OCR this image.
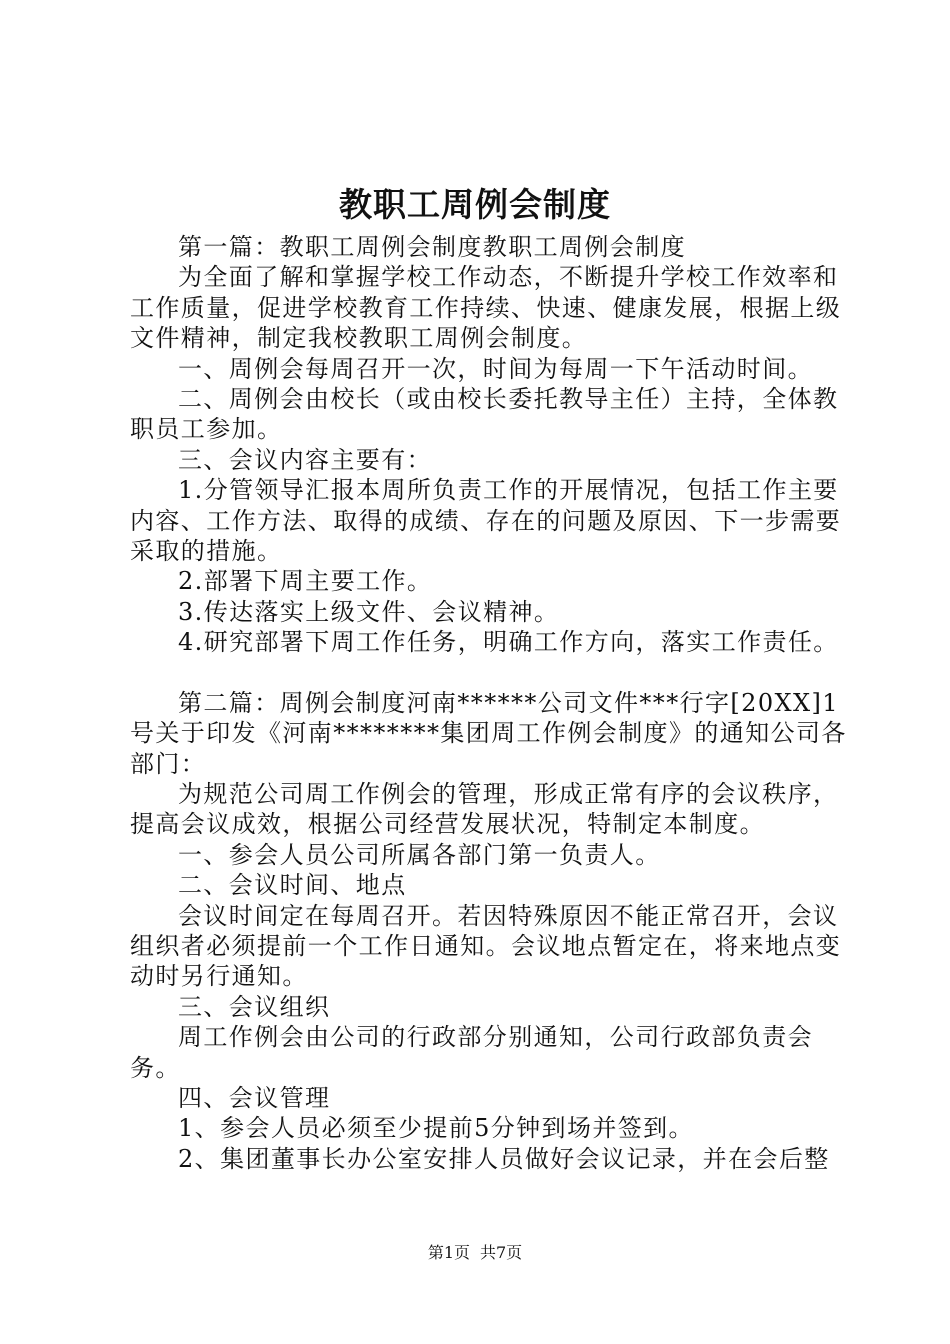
教职工周例会制度

第一篇：教职工周例会制度教职工周例会制度

为全面了解和掌握学校工作动态，不断提升学校工作效率和工作质量，促进学校教育工作持续、快速、健康发展，根据上级文件精神，制定我校教职工周例会制度。

一、周例会每周召开一次，时间为每周一下午活动时间。

二、周例会由校长（或由校长委托教导主任）主持，全体教职员工参加。

三、会议内容主要有：

1.分管领导汇报本周所负责工作的开展情况，包括工作主要内容、工作方法、取得的成绩、存在的问题及原因、下一步需要采取的措施。

2.部署下周主要工作。

3.传达落实上级文件、会议精神。

4.研究部署下周工作任务，明确工作方向，落实工作责任。

第二篇：周例会制度河南******公司文件***行字[20XX]1号关于印发《河南********集团周工作例会制度》的通知公司各部门：

为规范公司周工作例会的管理，形成正常有序的会议秩序，提高会议成效，根据公司经营发展状况，特制定本制度。

一、参会人员公司所属各部门第一负责人。

二、会议时间、地点

会议时间定在每周召开。若因特殊原因不能正常召开，会议组织者必须提前一个工作日通知。会议地点暂定在，将来地点变动时另行通知。

三、会议组织

周工作例会由公司的行政部分别通知，公司行政部负责会务。

四、会议管理

1、参会人员必须至少提前5分钟到场并签到。

2、集团董事长办公室安排人员做好会议记录，并在会后整

第1页 共7页
